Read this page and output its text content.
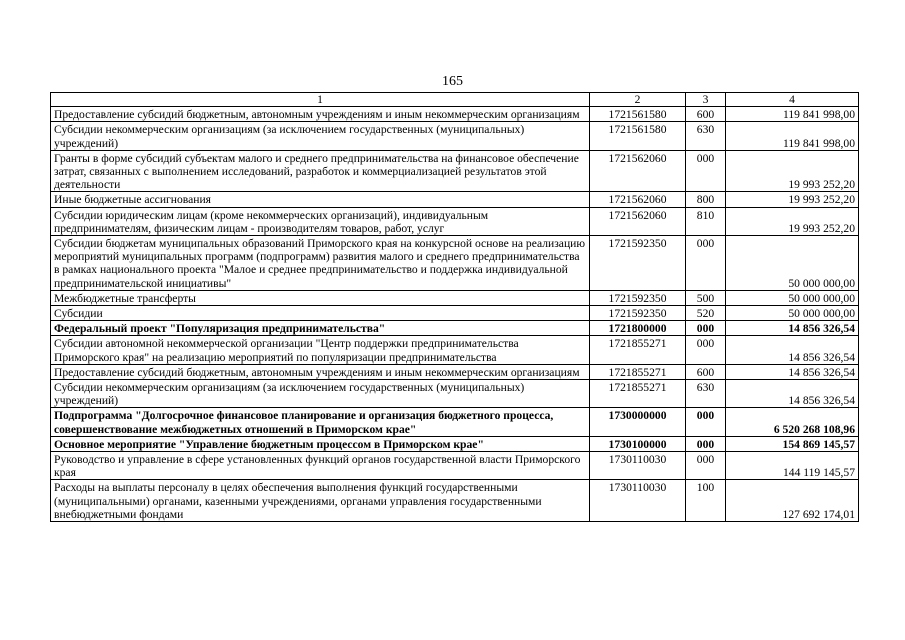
165
1	2	3	4
Предоставление субсидий бюджетным, автономным учреждениям и иным некоммерческим организациям	1721561580	600	119 841 998,00
Субсидии некоммерческим организациям (за исключением государственных (муниципальных) учреждений)	1721561580	630	119 841 998,00
Гранты в форме субсидий субъектам малого и среднего предпринимательства на финансовое обеспечение затрат, связанных с выполнением исследований, разработок и коммерциализацией результатов этой деятельности	1721562060	000	19 993 252,20
Иные бюджетные ассигнования	1721562060	800	19 993 252,20
Субсидии юридическим лицам (кроме некоммерческих организаций), индивидуальным предпринимателям, физическим лицам - производителям товаров, работ, услуг	1721562060	810	19 993 252,20
Субсидии бюджетам муниципальных образований Приморского края на конкурсной основе на реализацию мероприятий муниципальных программ (подпрограмм) развития малого и среднего предпринимательства в рамках национального проекта "Малое и среднее предпринимательство и поддержка индивидуальной предпринимательской инициативы"	1721592350	000	50 000 000,00
Межбюджетные трансферты	1721592350	500	50 000 000,00
Субсидии	1721592350	520	50 000 000,00
Федеральный проект "Популяризация предпринимательства"	1721800000	000	14 856 326,54
Субсидии автономной некоммерческой организации "Центр поддержки предпринимательства Приморского края" на реализацию мероприятий по популяризации предпринимательства	1721855271	000	14 856 326,54
Предоставление субсидий бюджетным, автономным учреждениям и иным некоммерческим организациям	1721855271	600	14 856 326,54
Субсидии некоммерческим организациям (за исключением государственных (муниципальных) учреждений)	1721855271	630	14 856 326,54
Подпрограмма "Долгосрочное финансовое планирование и организация бюджетного процесса, совершенствование межбюджетных отношений в Приморском крае"	1730000000	000	6 520 268 108,96
Основное мероприятие "Управление бюджетным процессом в Приморском крае"	1730100000	000	154 869 145,57
Руководство и управление в сфере установленных функций органов государственной власти Приморского края	1730110030	000	144 119 145,57
Расходы на выплаты персоналу в целях обеспечения выполнения функций государственными (муниципальными) органами, казенными учреждениями, органами управления государственными внебюджетными фондами	1730110030	100	127 692 174,01
